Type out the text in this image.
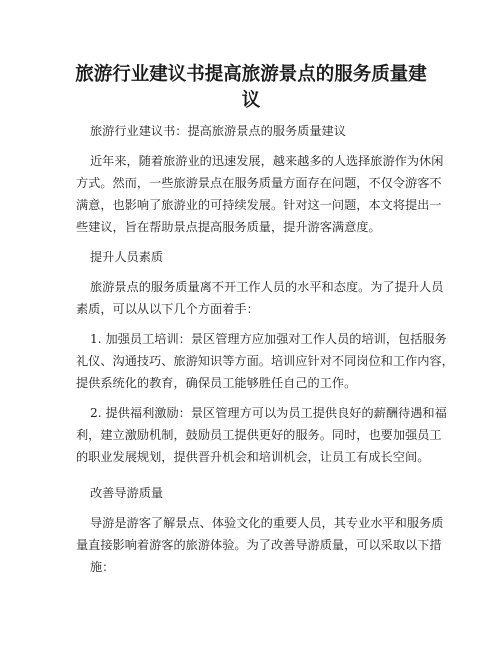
旅游行业建议书提高旅游景点的服务质量建
议
旅游行业建议书：提高旅游景点的服务质量建议
近年来，随着旅游业的迅速发展，越来越多的人选择旅游作为休闲
方式。然而，一些旅游景点在服务质量方面存在问题，不仅令游客不
满意，也影响了旅游业的可持续发展。针对这一问题，本文将提出一
些建议，旨在帮助景点提高服务质量，提升游客满意度。
提升人员素质
旅游景点的服务质量离不开工作人员的水平和态度。为了提升人员
素质，可以从以下几个方面着手：
1. 加强员工培训：景区管理方应加强对工作人员的培训，包括服务
礼仪、沟通技巧、旅游知识等方面。培训应针对不同岗位和工作内容，
提供系统化的教育，确保员工能够胜任自己的工作。
2. 提供福利激励：景区管理方可以为员工提供良好的薪酬待遇和福
利，建立激励机制，鼓励员工提供更好的服务。同时，也要加强员工
的职业发展规划，提供晋升机会和培训机会，让员工有成长空间。
改善导游质量
导游是游客了解景点、体验文化的重要人员，其专业水平和服务质
量直接影响着游客的旅游体验。为了改善导游质量，可以采取以下措
施：
